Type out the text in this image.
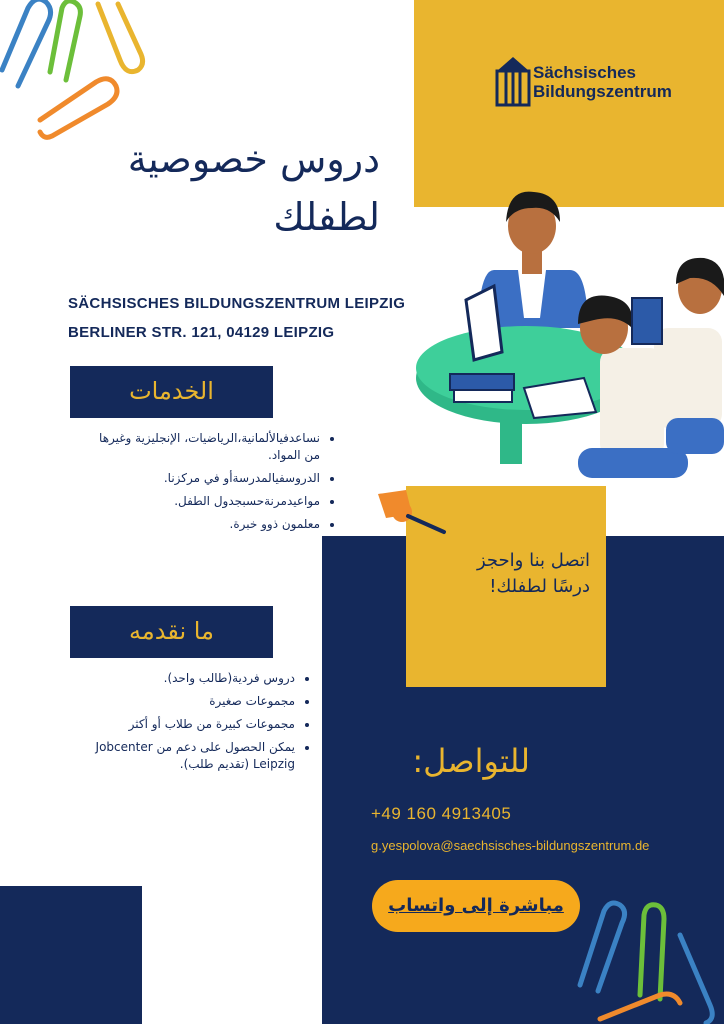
Sächsisches
Bildungszentrum
دروس خصوصية
لطفلك
SÄCHSISCHES BILDUNGSZENTRUM LEIPZIG
BERLINER STR. 121, 04129 LEIPZIG
الخدمات
• نساعدفيالألمانية،الرياضيات، الإنجليزية وغيرها من المواد.
• الدروسفيالمدرسةأو في مركزنا.
• مواعيدمرنةحسبجدول الطفل.
• معلمون ذوو خبرة.
ما نقدمه
• دروس فردية(طالب واحد).
• مجموعات صغيرة
• مجموعات كبيرة من طلاب أو أكثر
• يمكن الحصول على دعم من Jobcenter Leipzig (تقديم طلب).
اتصل بنا واحجز
درسًا لطفلك!
للتواصل:
+49 160 4913405
g.yespolova@saechsisches-bildungszentrum.de
مباشرة إلى واتساب
